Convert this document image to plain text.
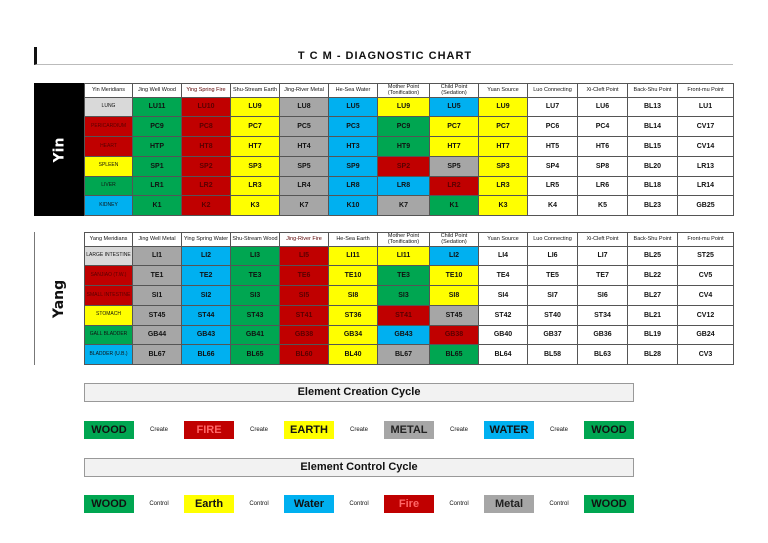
T C M - DIAGNOSTIC CHART
Yin
Yin Meridians	Jing Well Wood	Ying Spring Fire	Shu-Stream Earth	Jing-River Metal	He-Sea Water	Mother Point (Tonification)	Child Point (Sedation)	Yuan Source	Luo Connecting	Xi-Cleft Point	Back-Shu Point	Front-mu Point
LUNG	LU11	LU10	LU9	LU8	LU5	LU9	LU5	LU9	LU7	LU6	BL13	LU1
PERICARDIUM	PC9	PC8	PC7	PC5	PC3	PC9	PC7	PC7	PC6	PC4	BL14	CV17
HEART	HTP	HT8	HT7	HT4	HT3	HT9	HT7	HT7	HT5	HT6	BL15	CV14
SPLEEN	SP1	SP2	SP3	SP5	SP9	SP2	SP5	SP3	SP4	SP8	BL20	LR13
LIVER	LR1	LR2	LR3	LR4	LR8	LR8	LR2	LR3	LR5	LR6	BL18	LR14
KIDNEY	K1	K2	K3	K7	K10	K7	K1	K3	K4	K5	BL23	GB25
Yang
Yang Meridians	Jing Well Metal	Ying Spring Water	Shu-Stream Wood	Jing-River Fire	He-Sea Earth	Mother Point (Tonification)	Child Point (Sedation)	Yuan Source	Luo Connecting	Xi-Cleft Point	Back-Shu Point	Front-mu Point
LARGE INTESTINE	LI1	LI2	LI3	LI5	LI11	LI11	LI2	LI4	LI6	LI7	BL25	ST25
SANJIAO (T.W.)	TE1	TE2	TE3	TE6	TE10	TE3	TE10	TE4	TE5	TE7	BL22	CV5
SMALL INTESTINE	SI1	SI2	SI3	SI5	SI8	SI3	SI8	SI4	SI7	SI6	BL27	CV4
STOMACH	ST45	ST44	ST43	ST41	ST36	ST41	ST45	ST42	ST40	ST34	BL21	CV12
GALL BLADDER	GB44	GB43	GB41	GB38	GB34	GB43	GB38	GB40	GB37	GB36	BL19	GB24
BLADDER (U.B.)	BL67	BL66	BL65	BL60	BL40	BL67	BL65	BL64	BL58	BL63	BL28	CV3
Element Creation Cycle
WOOD	Create	FIRE	Create	EARTH	Create	METAL	Create	WATER	Create	WOOD
Element Control Cycle
WOOD	Control	Earth	Control	Water	Control	Fire	Control	Metal	Control	WOOD
